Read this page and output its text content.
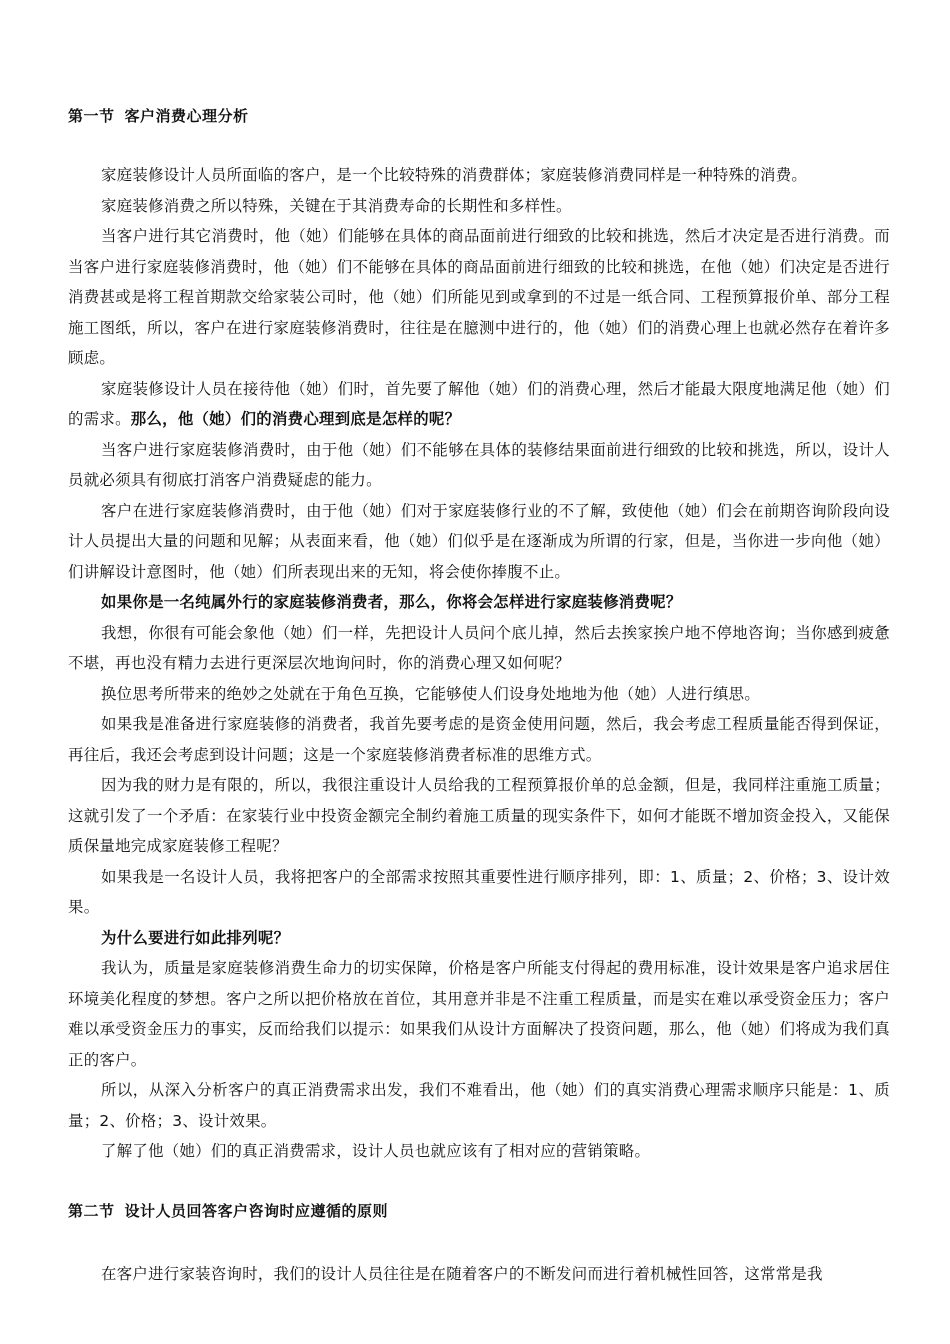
第一节 客户消费心理分析

家庭装修设计人员所面临的客户，是一个比较特殊的消费群体；家庭装修消费同样是一种特殊的消费。

家庭装修消费之所以特殊，关键在于其消费寿命的长期性和多样性。

当客户进行其它消费时，他（她）们能够在具体的商品面前进行细致的比较和挑选，然后才决定是否进行消费。而当客户进行家庭装修消费时，他（她）们不能够在具体的商品面前进行细致的比较和挑选，在他（她）们决定是否进行消费甚或是将工程首期款交给家装公司时，他（她）们所能见到或拿到的不过是一纸合同、工程预算报价单、部分工程施工图纸，所以，客户在进行家庭装修消费时，往往是在臆测中进行的，他（她）们的消费心理上也就必然存在着许多顾虑。

家庭装修设计人员在接待他（她）们时，首先要了解他（她）们的消费心理，然后才能最大限度地满足他（她）们的需求。那么，他（她）们的消费心理到底是怎样的呢？

当客户进行家庭装修消费时，由于他（她）们不能够在具体的装修结果面前进行细致的比较和挑选，所以，设计人员就必须具有彻底打消客户消费疑虑的能力。

客户在进行家庭装修消费时，由于他（她）们对于家庭装修行业的不了解，致使他（她）们会在前期咨询阶段向设计人员提出大量的问题和见解；从表面来看，他（她）们似乎是在逐渐成为所谓的行家，但是，当你进一步向他（她）们讲解设计意图时，他（她）们所表现出来的无知，将会使你捧腹不止。

如果你是一名纯属外行的家庭装修消费者，那么，你将会怎样进行家庭装修消费呢？

我想，你很有可能会象他（她）们一样，先把设计人员问个底儿掉，然后去挨家挨户地不停地咨询；当你感到疲惫不堪，再也没有精力去进行更深层次地询问时，你的消费心理又如何呢？

换位思考所带来的绝妙之处就在于角色互换，它能够使人们设身处地地为他（她）人进行缜思。

如果我是准备进行家庭装修的消费者，我首先要考虑的是资金使用问题，然后，我会考虑工程质量能否得到保证，再往后，我还会考虑到设计问题；这是一个家庭装修消费者标准的思维方式。

因为我的财力是有限的，所以，我很注重设计人员给我的工程预算报价单的总金额，但是，我同样注重施工质量；这就引发了一个矛盾：在家装行业中投资金额完全制约着施工质量的现实条件下，如何才能既不增加资金投入，又能保质保量地完成家庭装修工程呢？

如果我是一名设计人员，我将把客户的全部需求按照其重要性进行顺序排列，即：1、质量；2、价格；3、设计效果。

为什么要进行如此排列呢？

我认为，质量是家庭装修消费生命力的切实保障，价格是客户所能支付得起的费用标准，设计效果是客户追求居住环境美化程度的梦想。客户之所以把价格放在首位，其用意并非是不注重工程质量，而是实在难以承受资金压力；客户难以承受资金压力的事实，反而给我们以提示：如果我们从设计方面解决了投资问题，那么，他（她）们将成为我们真正的客户。

所以，从深入分析客户的真正消费需求出发，我们不难看出，他（她）们的真实消费心理需求顺序只能是：1、质量；2、价格；3、设计效果。

了解了他（她）们的真正消费需求，设计人员也就应该有了相对应的营销策略。

第二节 设计人员回答客户咨询时应遵循的原则

在客户进行家装咨询时，我们的设计人员往往是在随着客户的不断发问而进行着机械性回答，这常常是我
